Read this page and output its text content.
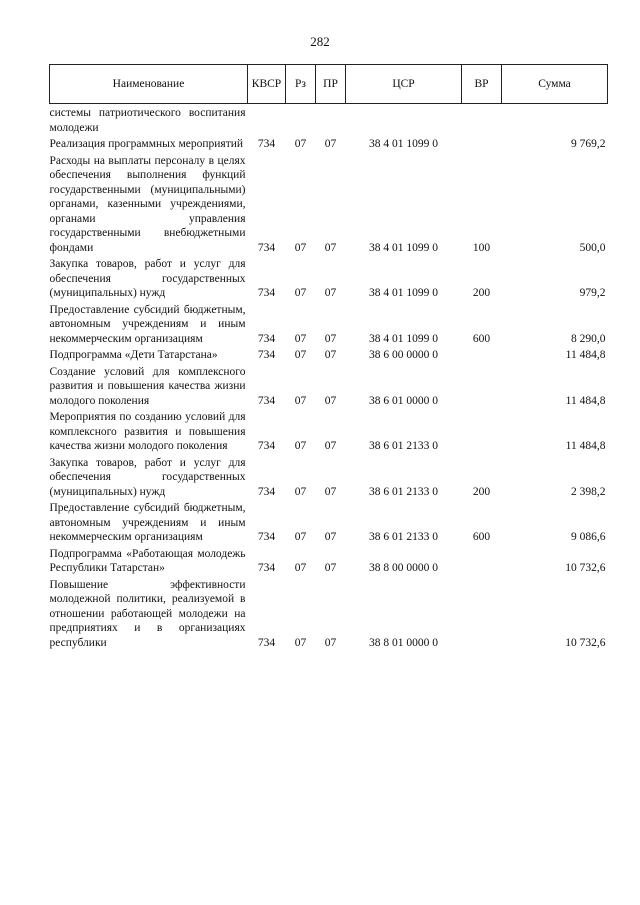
282
Наименование	КВСР	Рз	ПР	ЦСР	ВР	Сумма
системы патриотического воспитания молодежи						
Реализация программных мероприятий	734	07	07	38 4 01 1099 0		9 769,2
Расходы на выплаты персоналу в целях обеспечения выполнения функций государственными (муниципальными) органами, казенными учреждениями, органами управления государственными внебюджетными фондами	734	07	07	38 4 01 1099 0	100	500,0
Закупка товаров, работ и услуг для обеспечения государственных (муниципальных) нужд	734	07	07	38 4 01 1099 0	200	979,2
Предоставление субсидий бюджетным, автономным учреждениям и иным некоммерческим организациям	734	07	07	38 4 01 1099 0	600	8 290,0
Подпрограмма «Дети Татарстана»	734	07	07	38 6 00 0000 0		11 484,8
Создание условий для комплексного развития и повышения качества жизни молодого поколения	734	07	07	38 6 01 0000 0		11 484,8
Мероприятия по созданию условий для комплексного развития и повышения качества жизни молодого поколения	734	07	07	38 6 01 2133 0		11 484,8
Закупка товаров, работ и услуг для обеспечения государственных (муниципальных) нужд	734	07	07	38 6 01 2133 0	200	2 398,2
Предоставление субсидий бюджетным, автономным учреждениям и иным некоммерческим организациям	734	07	07	38 6 01 2133 0	600	9 086,6
Подпрограмма «Работающая молодежь Республики Татарстан»	734	07	07	38 8 00 0000 0		10 732,6
Повышение эффективности молодежной политики, реализуемой в отношении работающей молодежи на предприятиях и в организациях республики	734	07	07	38 8 01 0000 0		10 732,6
